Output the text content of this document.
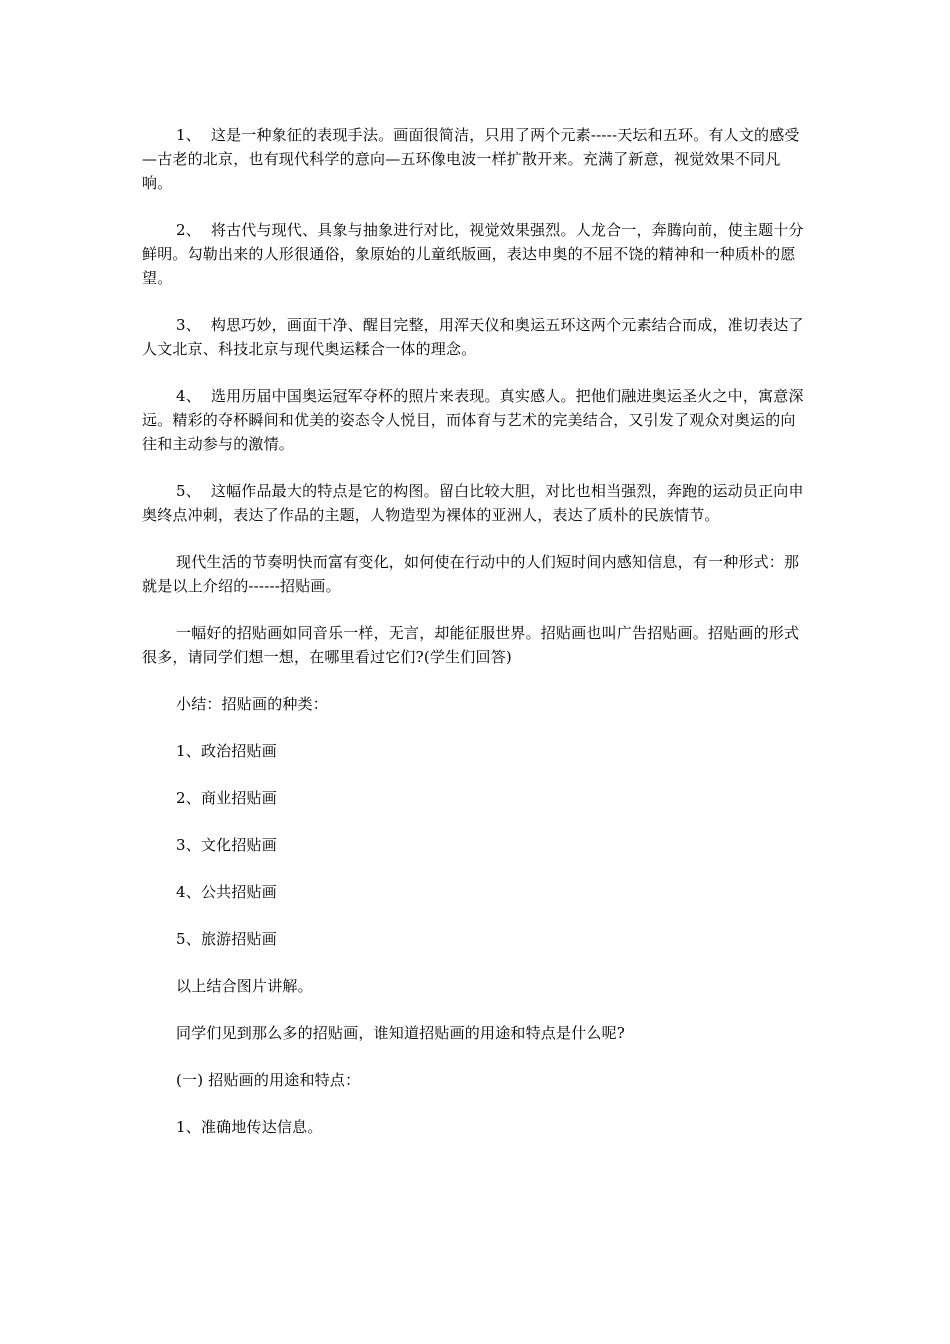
1、  这是一种象征的表现手法。画面很简洁，只用了两个元素-----天坛和五环。有人文的感受—古老的北京，也有现代科学的意向—五环像电波一样扩散开来。充满了新意，视觉效果不同凡响。

2、  将古代与现代、具象与抽象进行对比，视觉效果强烈。人龙合一，奔腾向前，使主题十分鲜明。勾勒出来的人形很通俗，象原始的儿童纸版画，表达申奥的不屈不饶的精神和一种质朴的愿望。

3、  构思巧妙，画面干净、醒目完整，用浑天仪和奥运五环这两个元素结合而成，准切表达了人文北京、科技北京与现代奥运糅合一体的理念。

4、  选用历届中国奥运冠军夺杯的照片来表现。真实感人。把他们融进奥运圣火之中，寓意深远。精彩的夺杯瞬间和优美的姿态令人悦目，而体育与艺术的完美结合，又引发了观众对奥运的向往和主动参与的激情。

5、  这幅作品最大的特点是它的构图。留白比较大胆，对比也相当强烈，奔跑的运动员正向申奥终点冲刺，表达了作品的主题，人物造型为裸体的亚洲人，表达了质朴的民族情节。

现代生活的节奏明快而富有变化，如何使在行动中的人们短时间内感知信息，有一种形式：那就是以上介绍的------招贴画。

一幅好的招贴画如同音乐一样，无言，却能征服世界。招贴画也叫广告招贴画。招贴画的形式很多，请同学们想一想，在哪里看过它们?(学生们回答)

小结：招贴画的种类：

1、政治招贴画

2、商业招贴画

3、文化招贴画

4、公共招贴画

5、旅游招贴画

以上结合图片讲解。

同学们见到那么多的招贴画，谁知道招贴画的用途和特点是什么呢?

(一) 招贴画的用途和特点：

1、准确地传达信息。
